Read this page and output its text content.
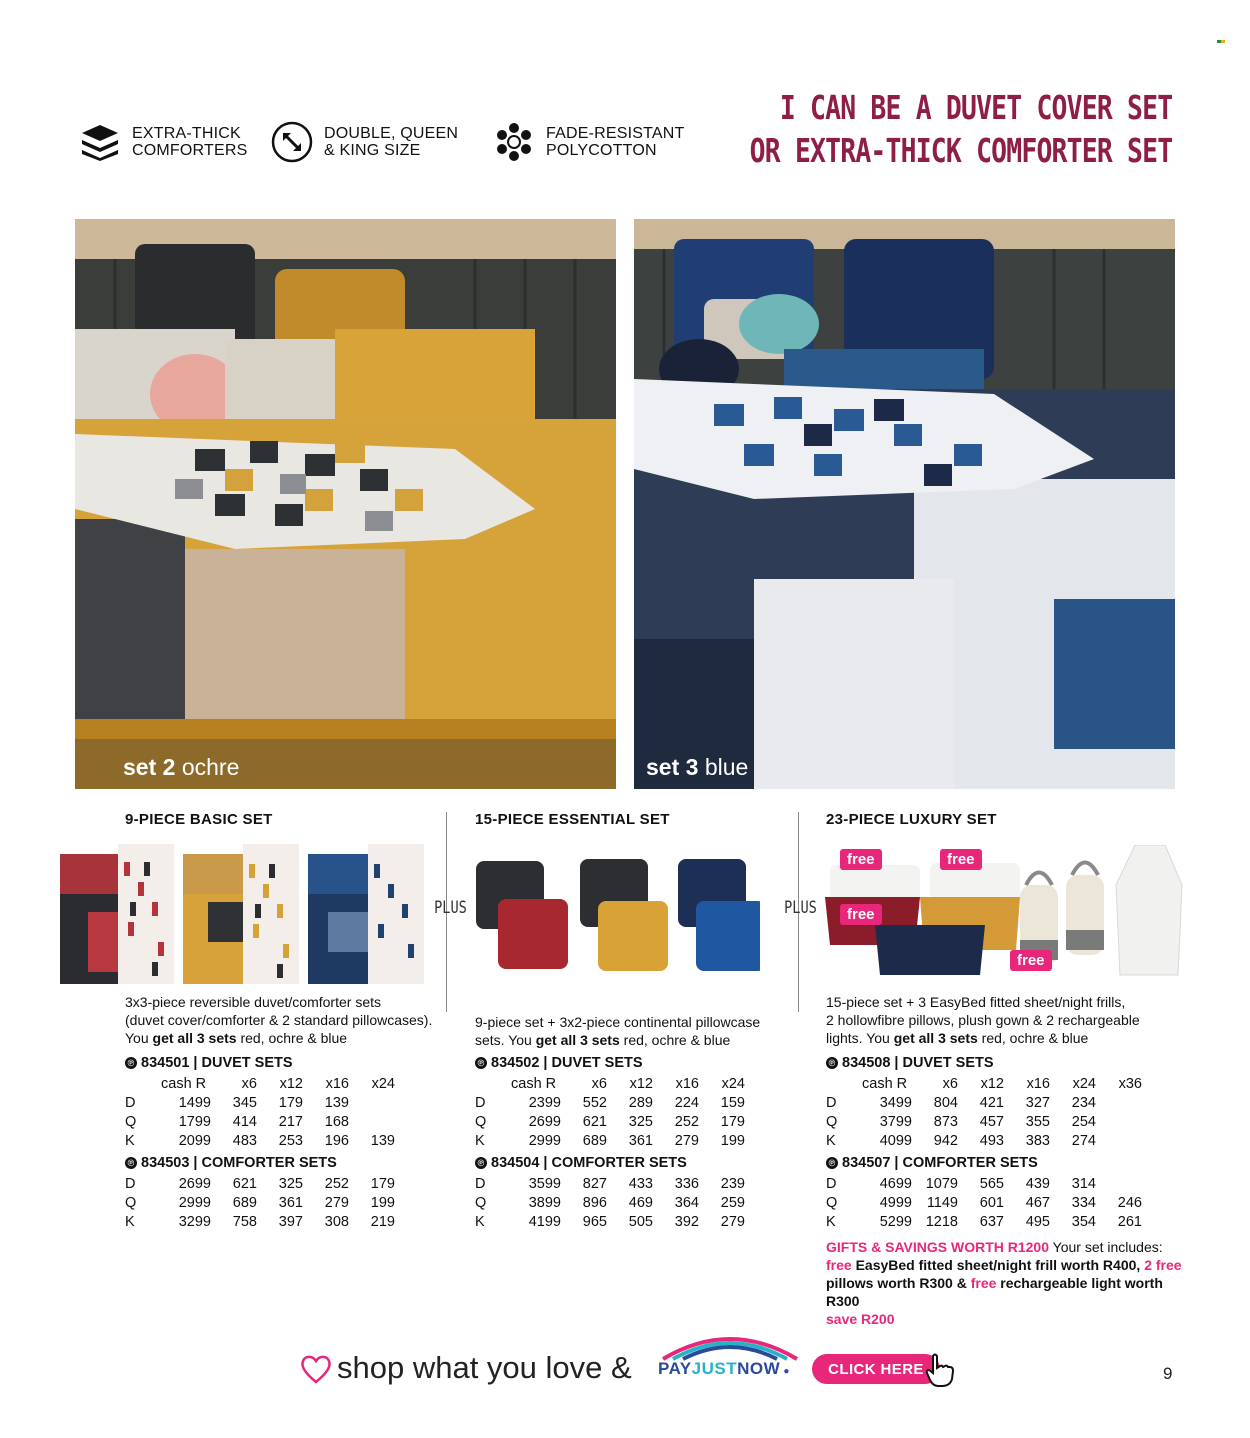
EXTRA-THICK
COMFORTERS
DOUBLE, QUEEN
& KING SIZE
FADE-RESISTANT
POLYCOTTON
I CAN BE A DUVET COVER SET
OR EXTRA-THICK COMFORTER SET
set 2 ochre	set 3 blue
9-PIECE BASIC SET	15-PIECE ESSENTIAL SET	23-PIECE LUXURY SET
PLUS	PLUS
free	free
free
free
3x3-piece reversible duvet/comforter sets
(duvet cover/comforter & 2 standard pillowcases).
You get all 3 sets red, ochre & blue
℗ 834501 | DUVET SETS
	cash R	x6	x12	x16	x24
D	1499	345	179	139	
Q	1799	414	217	168	
K	2099	483	253	196	139
℗ 834503 | COMFORTER SETS
D	2699	621	325	252	179
Q	2999	689	361	279	199
K	3299	758	397	308	219
9-piece set + 3x2-piece continental pillowcase
sets. You get all 3 sets red, ochre & blue
℗ 834502 | DUVET SETS
	cash R	x6	x12	x16	x24
D	2399	552	289	224	159
Q	2699	621	325	252	179
K	2999	689	361	279	199
℗ 834504 | COMFORTER SETS
D	3599	827	433	336	239
Q	3899	896	469	364	259
K	4199	965	505	392	279
15-piece set + 3 EasyBed fitted sheet/night frills,
2 hollowfibre pillows, plush gown & 2 rechargeable
lights. You get all 3 sets red, ochre & blue
℗ 834508 | DUVET SETS
	cash R	x6	x12	x16	x24	x36
D	3499	804	421	327	234	
Q	3799	873	457	355	254	
K	4099	942	493	383	274	
℗ 834507 | COMFORTER SETS
D	4699	1079	565	439	314	
Q	4999	1149	601	467	334	246
K	5299	1218	637	495	354	261
GIFTS & SAVINGS WORTH R1200 Your set includes:
free EasyBed fitted sheet/night frill worth R400, 2 free
pillows worth R300 & free rechargeable light worth R300
save R200
shop what you love & PAYJUSTNOW ●	CLICK HERE	9
